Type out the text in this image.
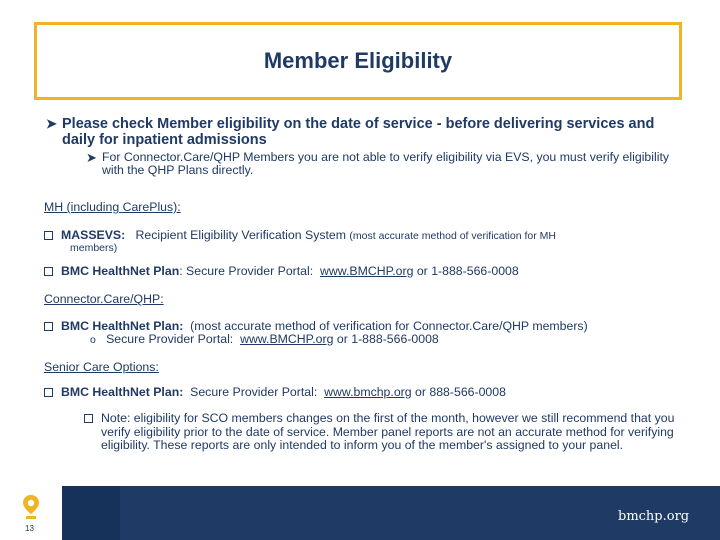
Member Eligibility
➤ Please check Member eligibility on the date of service - before delivering services and daily for inpatient admissions
➤ For Connector.Care/QHP Members you are not able to verify eligibility via EVS, you must verify eligibility with the QHP Plans directly.
MH (including CarePlus):
MASSEVS: Recipient Eligibility Verification System (most accurate method of verification for MH
members)
BMC HealthNet Plan: Secure Provider Portal: www.BMCHP.org or 1-888-566-0008
Connector.Care/QHP:
BMC HealthNet Plan: (most accurate method of verification for Connector.Care/QHP members)
o Secure Provider Portal: www.BMCHP.org or 1-888-566-0008
Senior Care Options:
BMC HealthNet Plan: Secure Provider Portal: www.bmchp.org or 888-566-0008
Note: eligibility for SCO members changes on the first of the month, however we still recommend that you verify eligibility prior to the date of service. Member panel reports are not an accurate method for verifying eligibility. These reports are only intended to inform you of the member's assigned to your panel.
13
bmchp.org
